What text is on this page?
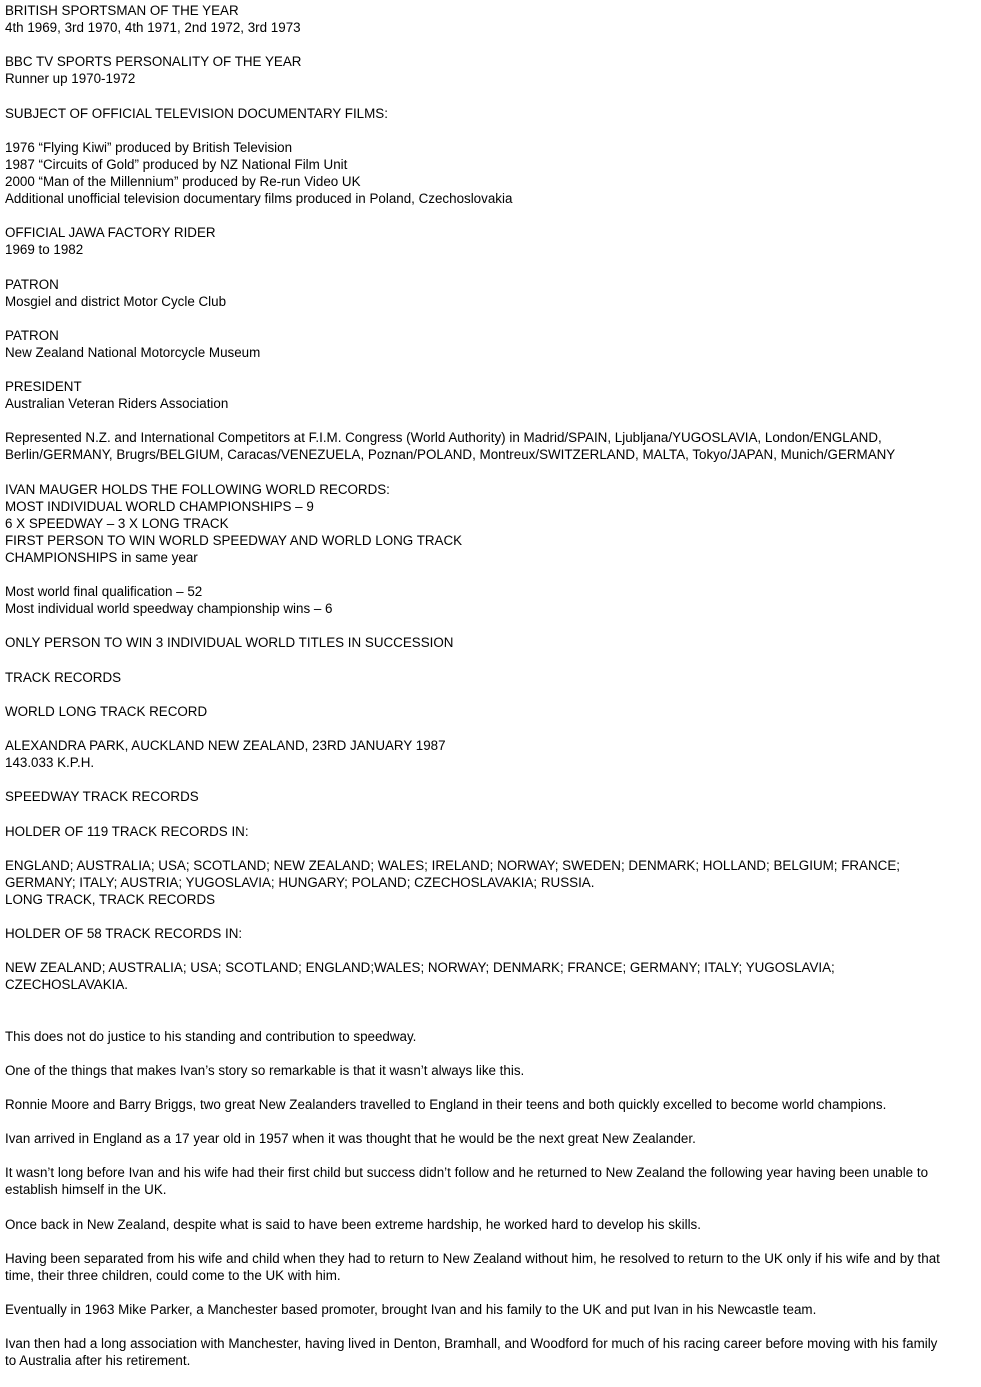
BRITISH SPORTSMAN OF THE YEAR
4th 1969, 3rd 1970, 4th 1971, 2nd 1972, 3rd 1973
BBC TV SPORTS PERSONALITY OF THE YEAR
Runner up 1970-1972
SUBJECT OF OFFICIAL TELEVISION DOCUMENTARY FILMS:
1976 “Flying Kiwi” produced by British Television
1987 “Circuits of Gold” produced by NZ National Film Unit
2000 “Man of the Millennium” produced by Re-run Video UK
Additional unofficial television documentary films produced in Poland, Czechoslovakia
OFFICIAL JAWA FACTORY RIDER
1969 to 1982
PATRON
Mosgiel and district Motor Cycle Club
PATRON
New Zealand National Motorcycle Museum
PRESIDENT
Australian Veteran Riders Association
Represented N.Z. and International Competitors at F.I.M. Congress (World Authority) in Madrid/SPAIN, Ljubljana/YUGOSLAVIA, London/ENGLAND,
Berlin/GERMANY, Brugrs/BELGIUM, Caracas/VENEZUELA, Poznan/POLAND, Montreux/SWITZERLAND, MALTA, Tokyo/JAPAN, Munich/GERMANY
IVAN MAUGER HOLDS THE FOLLOWING WORLD RECORDS:
MOST INDIVIDUAL WORLD CHAMPIONSHIPS – 9
6 X SPEEDWAY – 3 X LONG TRACK
FIRST PERSON TO WIN WORLD SPEEDWAY AND WORLD LONG TRACK
CHAMPIONSHIPS in same year
Most world final qualification – 52
Most individual world speedway championship wins – 6
ONLY PERSON TO WIN 3 INDIVIDUAL WORLD TITLES IN SUCCESSION
TRACK RECORDS
WORLD LONG TRACK RECORD
ALEXANDRA PARK, AUCKLAND NEW ZEALAND, 23RD JANUARY 1987
143.033 K.P.H.
SPEEDWAY TRACK RECORDS
HOLDER OF 119 TRACK RECORDS IN:
ENGLAND; AUSTRALIA; USA; SCOTLAND; NEW ZEALAND; WALES; IRELAND; NORWAY; SWEDEN; DENMARK; HOLLAND; BELGIUM; FRANCE;
GERMANY; ITALY; AUSTRIA; YUGOSLAVIA; HUNGARY; POLAND; CZECHOSLAVAKIA; RUSSIA.
LONG TRACK, TRACK RECORDS
HOLDER OF 58 TRACK RECORDS IN:
NEW ZEALAND; AUSTRALIA; USA; SCOTLAND; ENGLAND;WALES; NORWAY; DENMARK; FRANCE; GERMANY; ITALY; YUGOSLAVIA;
CZECHOSLAVAKIA.
This does not do justice to his standing and contribution to speedway.
One of the things that makes Ivan’s story so remarkable is that it wasn’t always like this.
Ronnie Moore and Barry Briggs, two great New Zealanders travelled to England in their teens and both quickly excelled to become world champions.
Ivan arrived in England as a 17 year old in 1957 when it was thought that he would be the next great New Zealander.
It wasn’t long before Ivan and his wife had their first child but success didn’t follow and he returned to New Zealand the following year having been unable to
establish himself in the UK.
Once back in New Zealand, despite what is said to have been extreme hardship, he worked hard to develop his skills.
Having been separated from his wife and child when they had to return to New Zealand without him, he resolved to return to the UK only if his wife and by that
time, their three children, could come to the UK with him.
Eventually in 1963 Mike Parker, a Manchester based promoter, brought Ivan and his family to the UK and put Ivan in his Newcastle team.
Ivan then had a long association with Manchester, having lived in Denton, Bramhall, and Woodford for much of his racing career before moving with his family
to Australia after his retirement.
